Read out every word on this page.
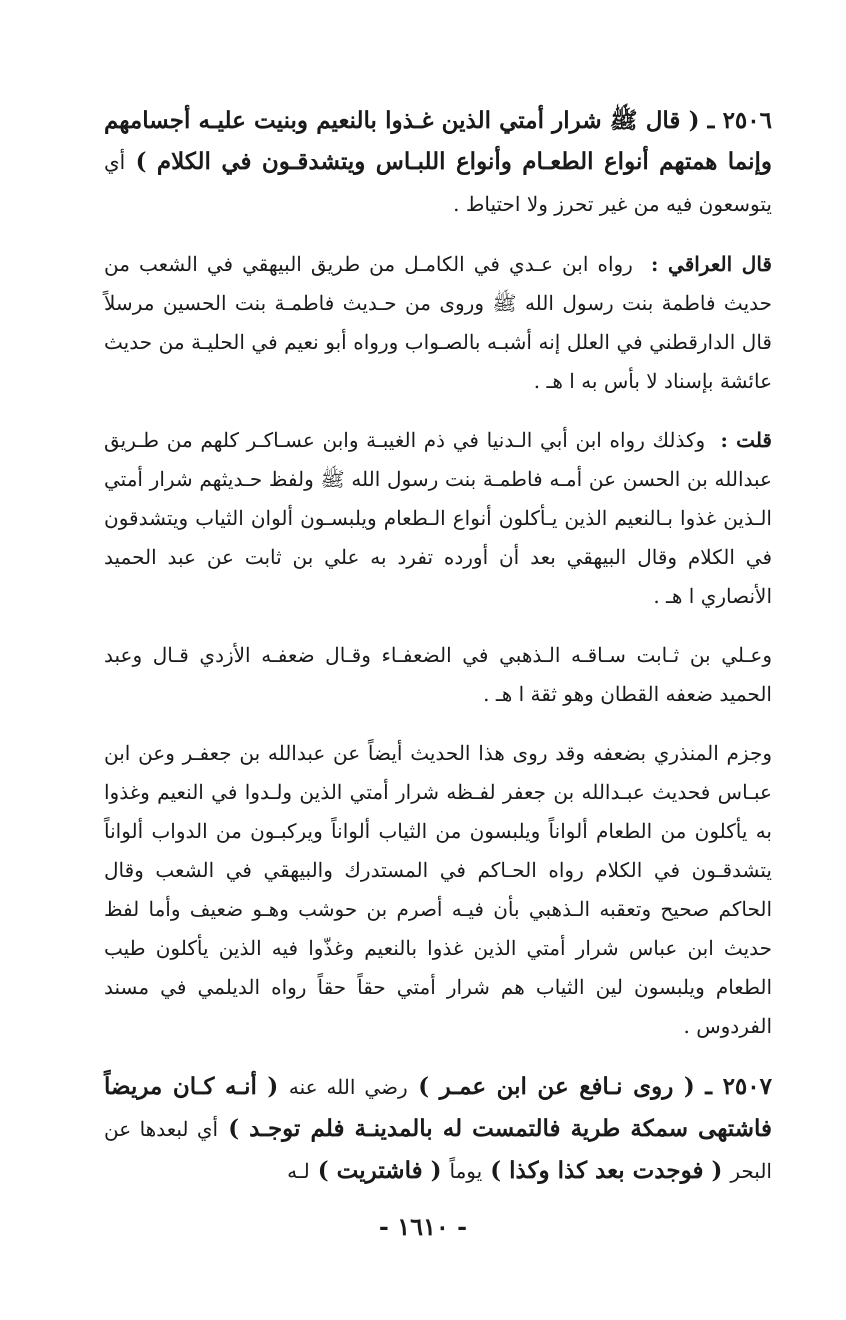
٢٥٠٦ ـ ( قال ﷺ شرار أمتي الذين غـذوا بالنعيم وبنيت عليـه أجسامهم وإنما همتهم أنواع الطعـام وأنواع اللبـاس ويتشدقـون في الكلام ) أي يتوسعون فيه من غير تحرز ولا احتياط .

قال العراقي :  رواه ابن عـدي في الكامـل من طريق البيهقي في الشعب من حديث فاطمة بنت رسول الله ﷺ وروى من حـديث فاطمـة بنت الحسين مرسلاً قال الدارقطني في العلل إنه أشبـه بالصـواب ورواه أبو نعيم في الحليـة من حديث عائشة بإسناد لا بأس به ا هـ .

قلت :  وكذلك رواه ابن أبي الـدنيا في ذم الغيبـة وابن عسـاكـر كلهم من طـريق عبدالله بن الحسن عن أمـه فاطمـة بنت رسول الله ﷺ ولفظ حـديثهم شرار أمتي الـذين غذوا بـالنعيم الذين يـأكلون أنواع الـطعام ويلبسـون ألوان الثياب ويتشدقون في الكلام وقال البيهقي بعد أن أورده تفرد به علي بن ثابت عن عبد الحميد الأنصاري ا هـ .

وعـلي بن ثـابت سـاقـه الـذهبي في الضعفـاء وقـال ضعفـه الأزدي قـال وعبد الحميد ضعفه القطان وهو ثقة ا هـ .

وجزم المنذري بضعفه وقد روى هذا الحديث أيضاً عن عبدالله بن جعفـر وعن ابن عبـاس فحديث عبـدالله بن جعفر لفـظه شرار أمتي الذين ولـدوا في النعيم وغذوا به يأكلون من الطعام ألواناً ويلبسون من الثياب ألواناً ويركبـون من الدواب ألواناً يتشدقـون في الكلام رواه الحـاكم في المستدرك والبيهقي في الشعب وقال الحاكم صحيح وتعقبه الـذهبي بأن فيـه أصرم بن حوشب وهـو ضعيف وأما لفظ حديث ابن عباس شرار أمتي الذين غذوا بالنعيم وغذّوا فيه الذين يأكلون طيب الطعام ويلبسون لين الثياب هم شرار أمتي حقاً حقاً رواه الديلمي في مسند الفردوس .

٢٥٠٧ ـ ( روى نـافع عن ابن عمـر ) رضي الله عنه ( أنـه كـان مريضاً فاشتهى سمكة طرية فالتمست له بالمدينـة فلم توجـد ) أي لبعدها عن البحر ( فوجدت بعد كذا وكذا ) يوماً ( فاشتريت ) لـه

- ١٦١٠ -
